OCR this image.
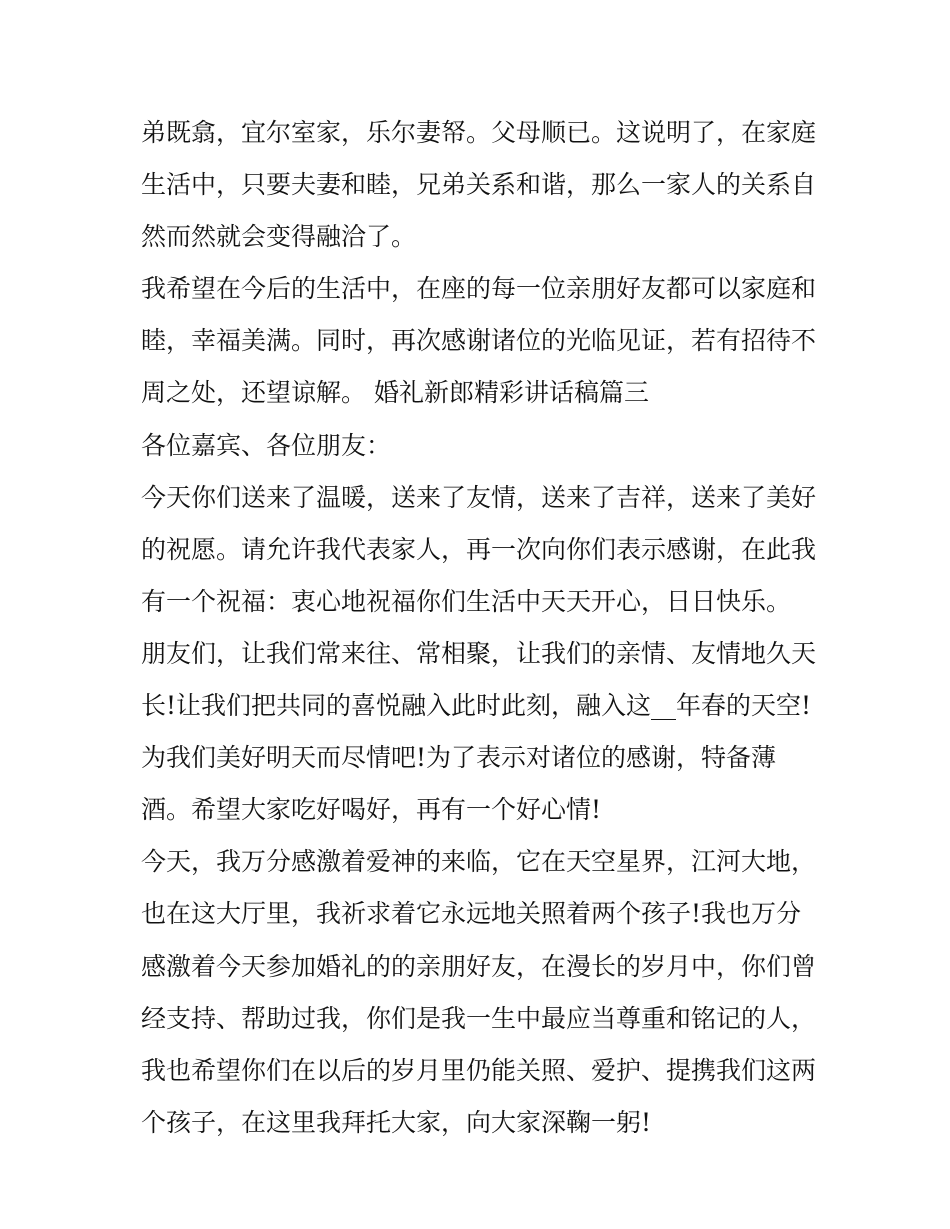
弟既翕，宜尔室家，乐尔妻帑。父母顺已。这说明了，在家庭
生活中，只要夫妻和睦，兄弟关系和谐，那么一家人的关系自
然而然就会变得融洽了。
我希望在今后的生活中，在座的每一位亲朋好友都可以家庭和
睦，幸福美满。同时，再次感谢诸位的光临见证，若有招待不
周之处，还望谅解。 婚礼新郎精彩讲话稿篇三
各位嘉宾、各位朋友：
今天你们送来了温暖，送来了友情，送来了吉祥，送来了美好
的祝愿。请允许我代表家人，再一次向你们表示感谢，在此我
有一个祝福：衷心地祝福你们生活中天天开心，日日快乐。
朋友们，让我们常来往、常相聚，让我们的亲情、友情地久天
长!让我们把共同的喜悦融入此时此刻，融入这__年春的天空!
为我们美好明天而尽情吧!为了表示对诸位的感谢，特备薄
酒。希望大家吃好喝好，再有一个好心情!
今天，我万分感激着爱神的来临，它在天空星界，江河大地，
也在这大厅里，我祈求着它永远地关照着两个孩子!我也万分
感激着今天参加婚礼的的亲朋好友，在漫长的岁月中，你们曾
经支持、帮助过我，你们是我一生中最应当尊重和铭记的人，
我也希望你们在以后的岁月里仍能关照、爱护、提携我们这两
个孩子，在这里我拜托大家，向大家深鞠一躬!
